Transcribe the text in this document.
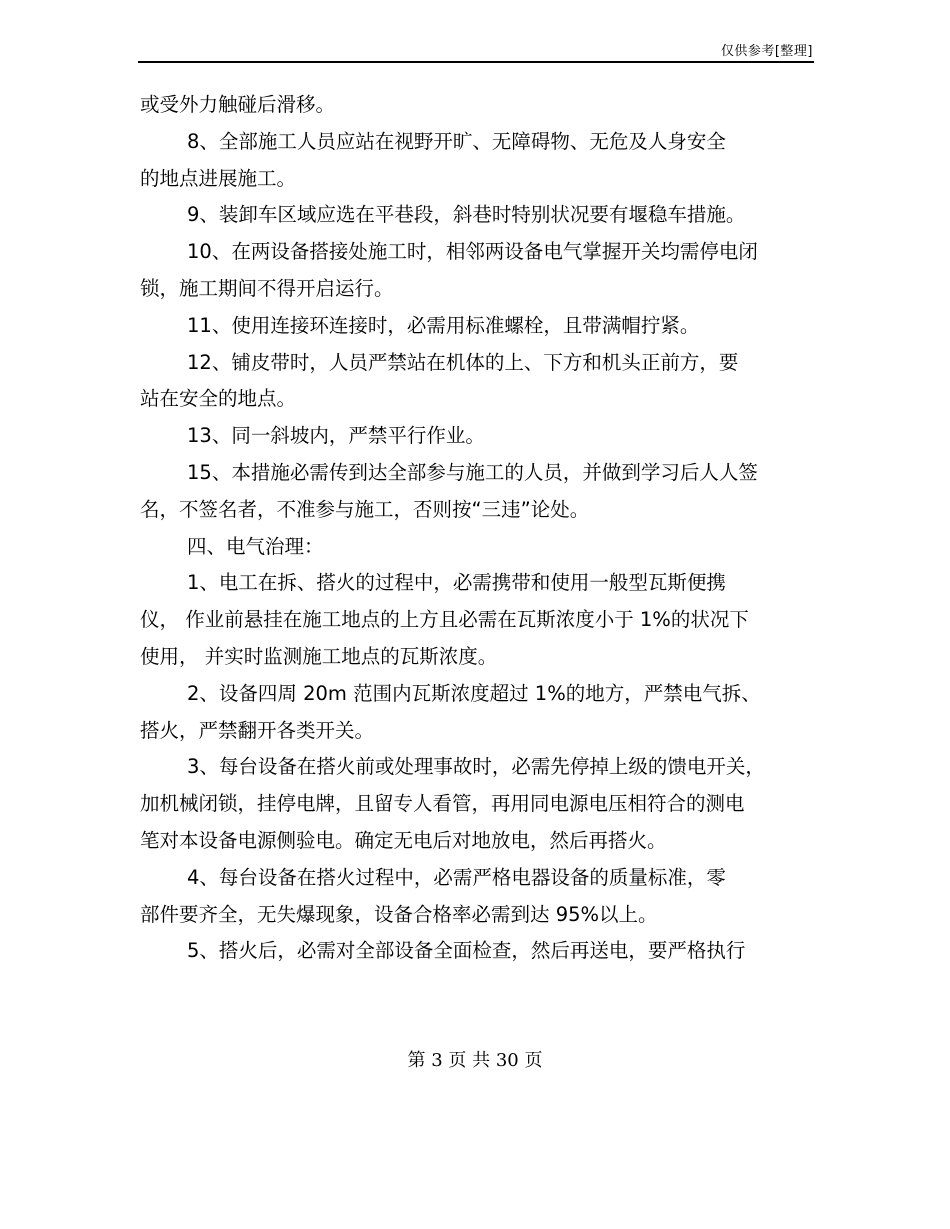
仅供参考[整理]
或受外力触碰后滑移。
8、全部施工人员应站在视野开旷、无障碍物、无危及人身安全
的地点进展施工。
9、装卸车区域应选在平巷段，斜巷时特别状况要有堰稳车措施。
10、在两设备搭接处施工时，相邻两设备电气掌握开关均需停电闭
锁，施工期间不得开启运行。
11、使用连接环连接时，必需用标准螺栓，且带满帽拧紧。
12、铺皮带时，人员严禁站在机体的上、下方和机头正前方，要
站在安全的地点。
13、同一斜坡内，严禁平行作业。
15、本措施必需传到达全部参与施工的人员，并做到学习后人人签
名，不签名者，不准参与施工，否则按“三违”论处。
四、电气治理：
1、电工在拆、搭火的过程中，必需携带和使用一般型瓦斯便携
仪， 作业前悬挂在施工地点的上方且必需在瓦斯浓度小于 1%的状况下
使用， 并实时监测施工地点的瓦斯浓度。
2、设备四周 20m 范围内瓦斯浓度超过 1%的地方，严禁电气拆、
搭火，严禁翻开各类开关。
3、每台设备在搭火前或处理事故时，必需先停掉上级的馈电开关，
加机械闭锁，挂停电牌，且留专人看管，再用同电源电压相符合的测电
笔对本设备电源侧验电。确定无电后对地放电，然后再搭火。
4、每台设备在搭火过程中，必需严格电器设备的质量标准，零
部件要齐全，无失爆现象，设备合格率必需到达 95%以上。
5、搭火后，必需对全部设备全面检查，然后再送电，要严格执行
第 3 页 共 30 页
